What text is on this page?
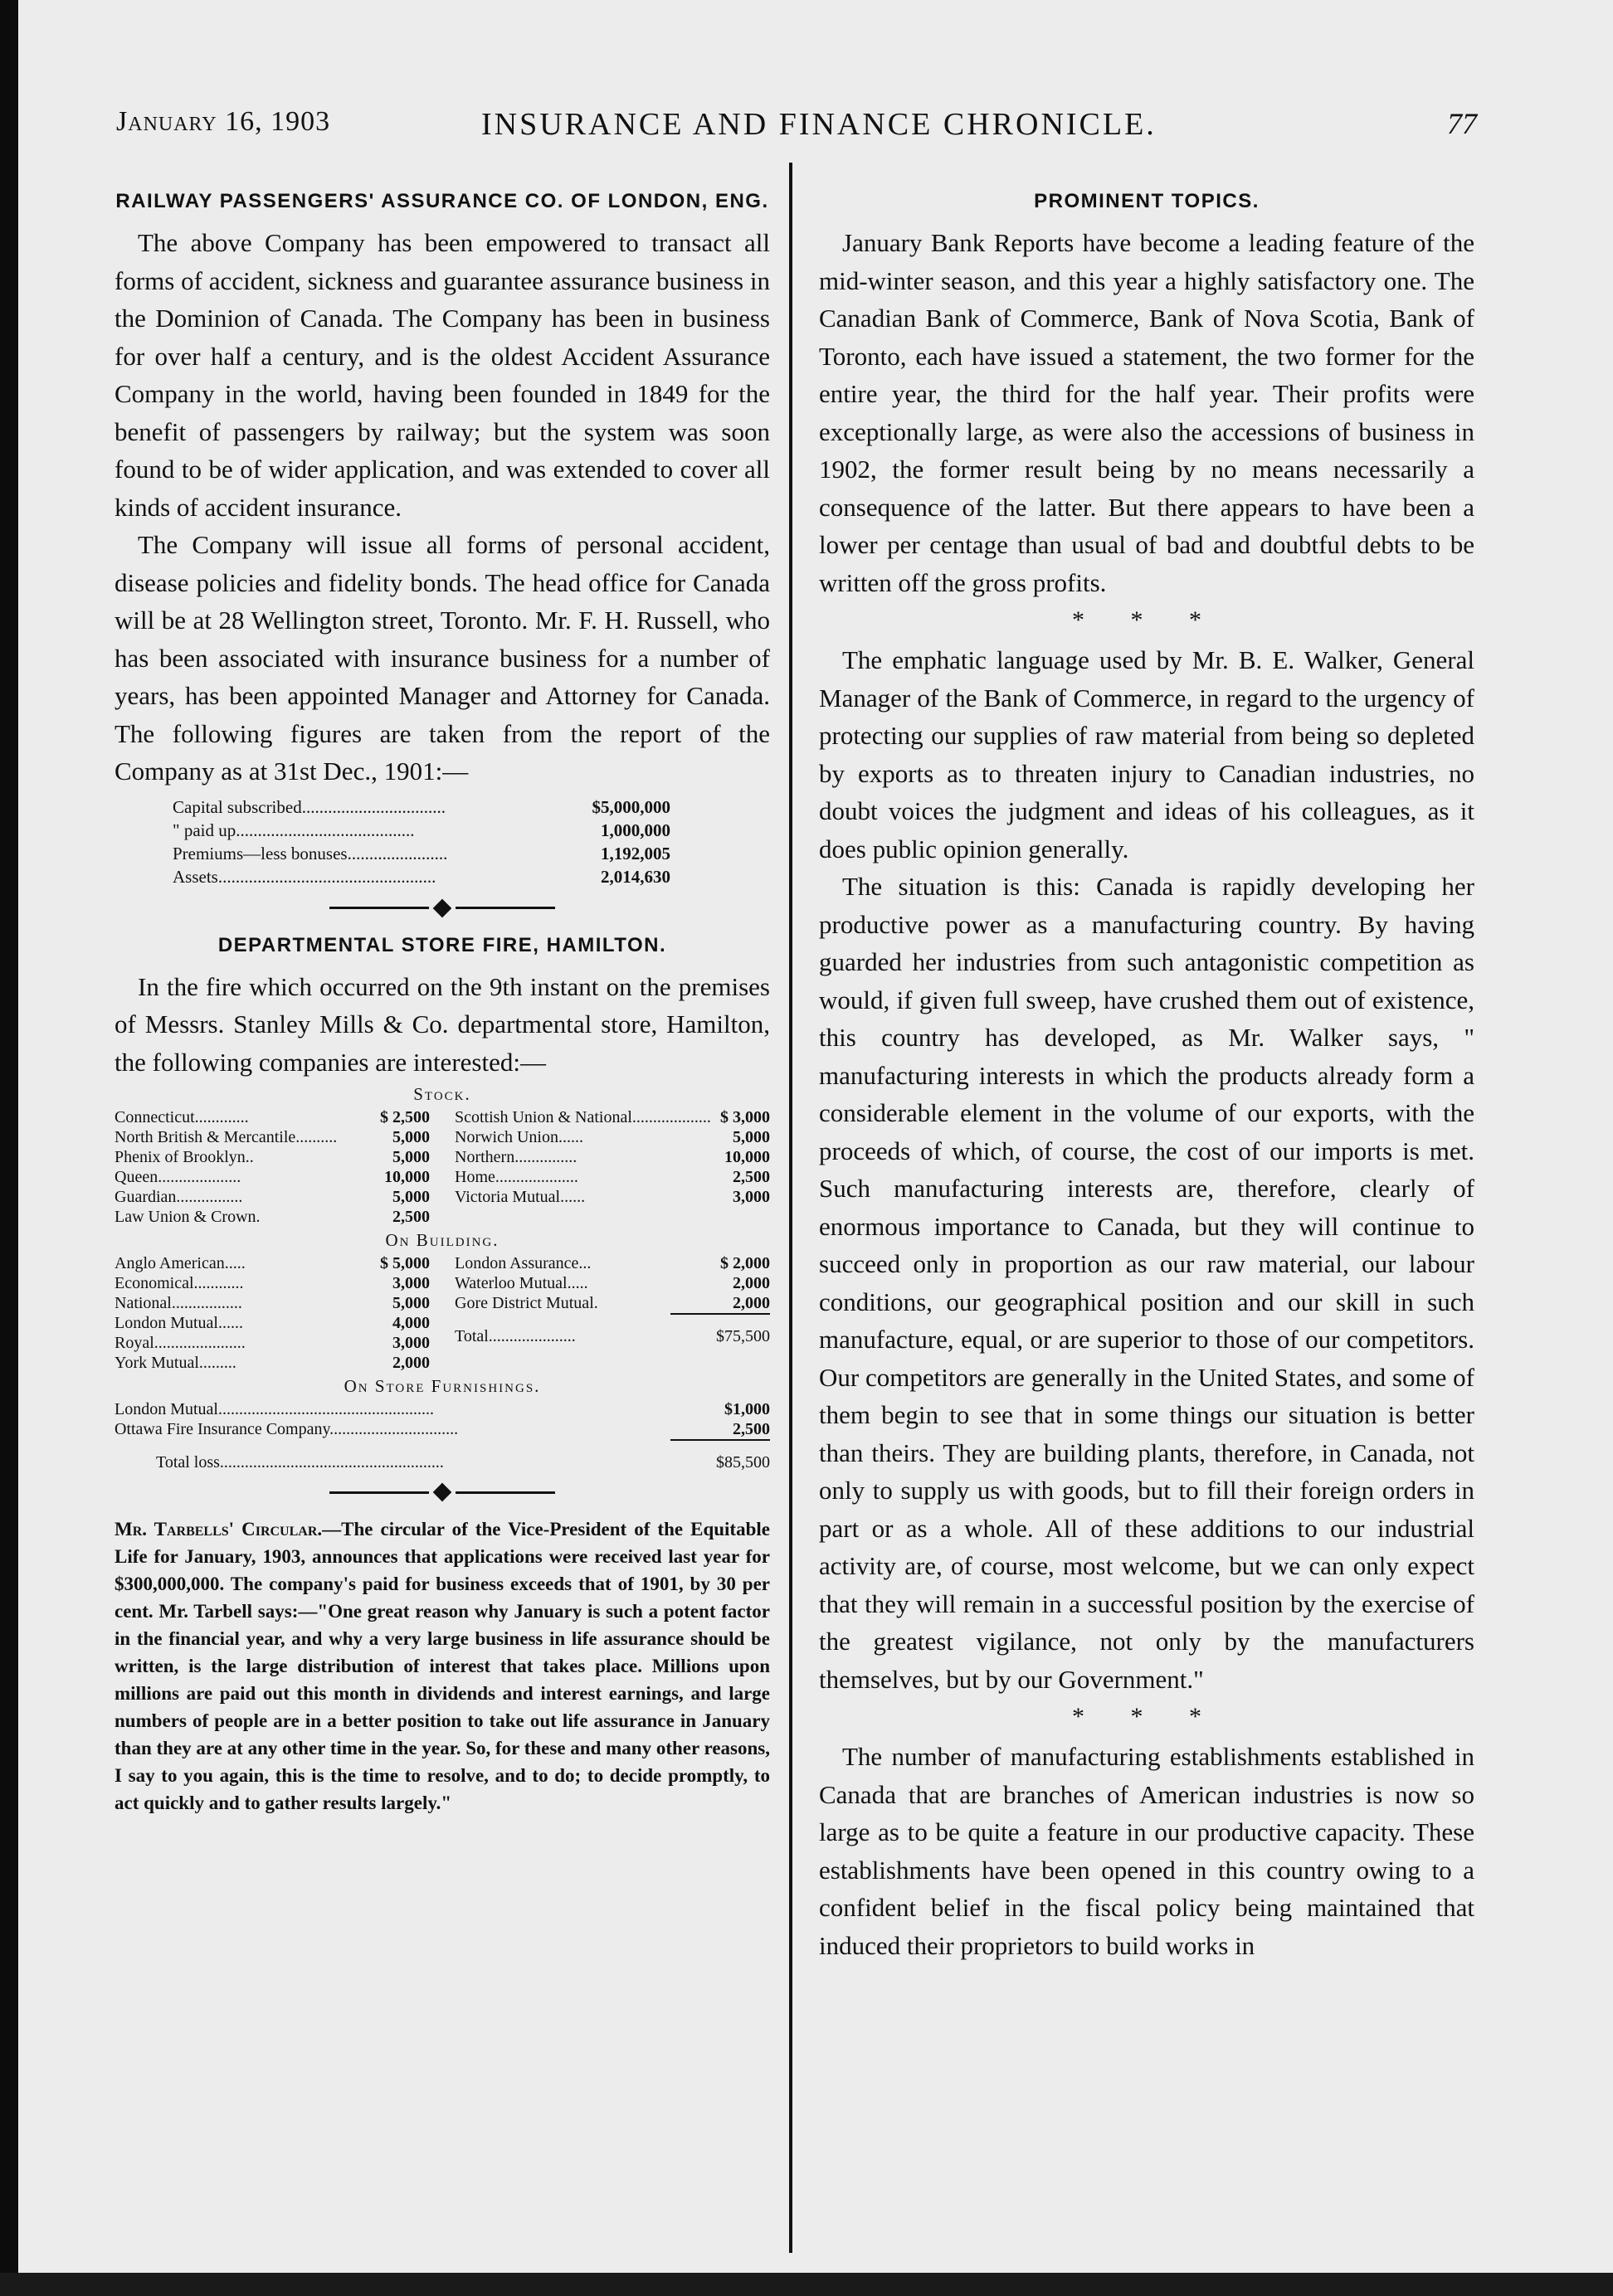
January 16, 1903	INSURANCE AND FINANCE CHRONICLE.	77
RAILWAY PASSENGERS' ASSURANCE CO. OF LONDON, ENG.

The above Company has been empowered to transact all forms of accident, sickness and guarantee assurance business in the Dominion of Canada. The Company has been in business for over half a century, and is the oldest Accident Assurance Company in the world, having been founded in 1849 for the benefit of passengers by railway; but the system was soon found to be of wider application, and was extended to cover all kinds of accident insurance.

The Company will issue all forms of personal accident, disease policies and fidelity bonds. The head office for Canada will be at 28 Wellington street, Toronto. Mr. F. H. Russell, who has been associated with insurance business for a number of years, has been appointed Manager and Attorney for Canada. The following figures are taken from the report of the Company as at 31st Dec., 1901:—

Capital subscribed.................................	$5,000,000
" paid up.........................................	1,000,000
Premiums—less bonuses.......................	1,192,005
Assets..................................................	2,014,630
DEPARTMENTAL STORE FIRE, HAMILTON.

In the fire which occurred on the 9th instant on the premises of Messrs. Stanley Mills & Co. departmental store, Hamilton, the following companies are interested:—

Stock.
Connecticut.............	$ 2,500
North British & Mercantile..........	5,000
Phenix of Brooklyn..	5,000
Queen....................	10,000
Guardian................	5,000
Law Union & Crown.	2,500
Scottish Union & National................... $ 3,000
Norwich Union......	5,000
Northern...............	10,000
Home....................	2,500
Victoria Mutual......	3,000
On Building.
Anglo American.....	$ 5,000
Economical............	3,000
National.................	5,000
London Mutual......	4,000
Royal......................	3,000
York Mutual.........	2,000
London Assurance...	$ 2,000
Waterloo Mutual.....	2,000
Gore District Mutual.	2,000
Total.....................	$75,500
On Store Furnishings.
London Mutual....................................................	$1,000
Ottawa Fire Insurance Company...............................	2,500
Total loss......................................................	$85,500

Mr. Tarbells' Circular.—The circular of the Vice-President of the Equitable Life for January, 1903, announces that applications were received last year for $300,000,000. The company's paid for business exceeds that of 1901, by 30 per cent. Mr. Tarbell says:—"One great reason why January is such a potent factor in the financial year, and why a very large business in life assurance should be written, is the large distribution of interest that takes place. Millions upon millions are paid out this month in dividends and interest earnings, and large numbers of people are in a better position to take out life assurance in January than they are at any other time in the year. So, for these and many other reasons, I say to you again, this is the time to resolve, and to do; to decide promptly, to act quickly and to gather results largely."

PROMINENT TOPICS.

January Bank Reports have become a leading feature of the mid-winter season, and this year a highly satisfactory one. The Canadian Bank of Commerce, Bank of Nova Scotia, Bank of Toronto, each have issued a statement, the two former for the entire year, the third for the half year. Their profits were exceptionally large, as were also the accessions of business in 1902, the former result being by no means necessarily a consequence of the latter. But there appears to have been a lower per centage than usual of bad and doubtful debts to be written off the gross profits.

* * *

The emphatic language used by Mr. B. E. Walker, General Manager of the Bank of Commerce, in regard to the urgency of protecting our supplies of raw material from being so depleted by exports as to threaten injury to Canadian industries, no doubt voices the judgment and ideas of his colleagues, as it does public opinion generally.

The situation is this: Canada is rapidly developing her productive power as a manufacturing country. By having guarded her industries from such antagonistic competition as would, if given full sweep, have crushed them out of existence, this country has developed, as Mr. Walker says, " manufacturing interests in which the products already form a considerable element in the volume of our exports, with the proceeds of which, of course, the cost of our imports is met. Such manufacturing interests are, therefore, clearly of enormous importance to Canada, but they will continue to succeed only in proportion as our raw material, our labour conditions, our geographical position and our skill in such manufacture, equal, or are superior to those of our competitors. Our competitors are generally in the United States, and some of them begin to see that in some things our situation is better than theirs. They are building plants, therefore, in Canada, not only to supply us with goods, but to fill their foreign orders in part or as a whole. All of these additions to our industrial activity are, of course, most welcome, but we can only expect that they will remain in a successful position by the exercise of the greatest vigilance, not only by the manufacturers themselves, but by our Government."

* * *

The number of manufacturing establishments established in Canada that are branches of American industries is now so large as to be quite a feature in our productive capacity. These establishments have been opened in this country owing to a confident belief in the fiscal policy being maintained that induced their proprietors to build works in
